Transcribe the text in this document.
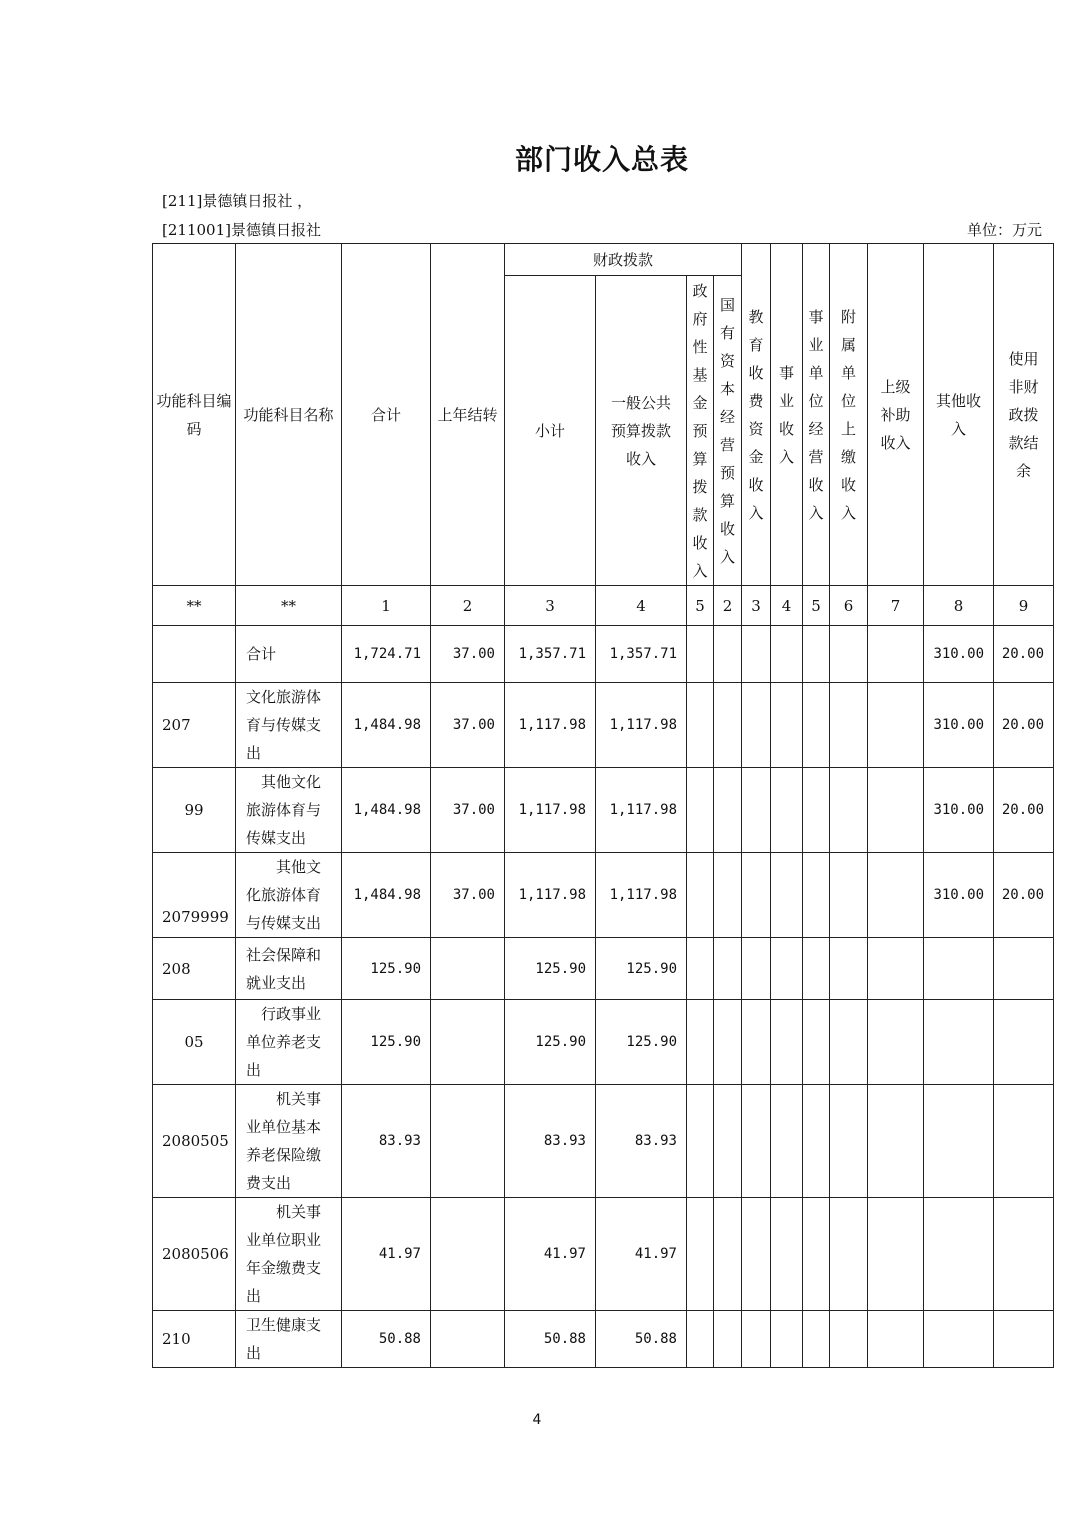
部门收入总表
[211]景德镇日报社 ，
[211001]景德镇日报社	单位：万元
功能科目编码	功能科目名称	合计	上年结转	财政拨款				教育收费资金收入	事业收入	事业单位经营收入	附属单位上缴收入	上级补助收入	其他收入	使用非财政拨款结余
				小计	一般公共预算拨款收入	政府性基金预算拨款收入	国有资本经营预算收入							
**	**	1	2	3	4	5	2	3	4	5	6	7	8	9
	合计	1,724.71	37.00	1,357.71	1,357.71								310.00	20.00
207	文化旅游体育与传媒支出	1,484.98	37.00	1,117.98	1,117.98								310.00	20.00
99	其他文化旅游体育与传媒支出	1,484.98	37.00	1,117.98	1,117.98								310.00	20.00
2079999	其他文化旅游体育与传媒支出	1,484.98	37.00	1,117.98	1,117.98								310.00	20.00
208	社会保障和就业支出	125.90		125.90	125.90									
05	行政事业单位养老支出	125.90		125.90	125.90									
2080505	机关事业单位基本养老保险缴费支出	83.93		83.93	83.93									
2080506	机关事业单位职业年金缴费支出	41.97		41.97	41.97									
210	卫生健康支出	50.88		50.88	50.88									
4
